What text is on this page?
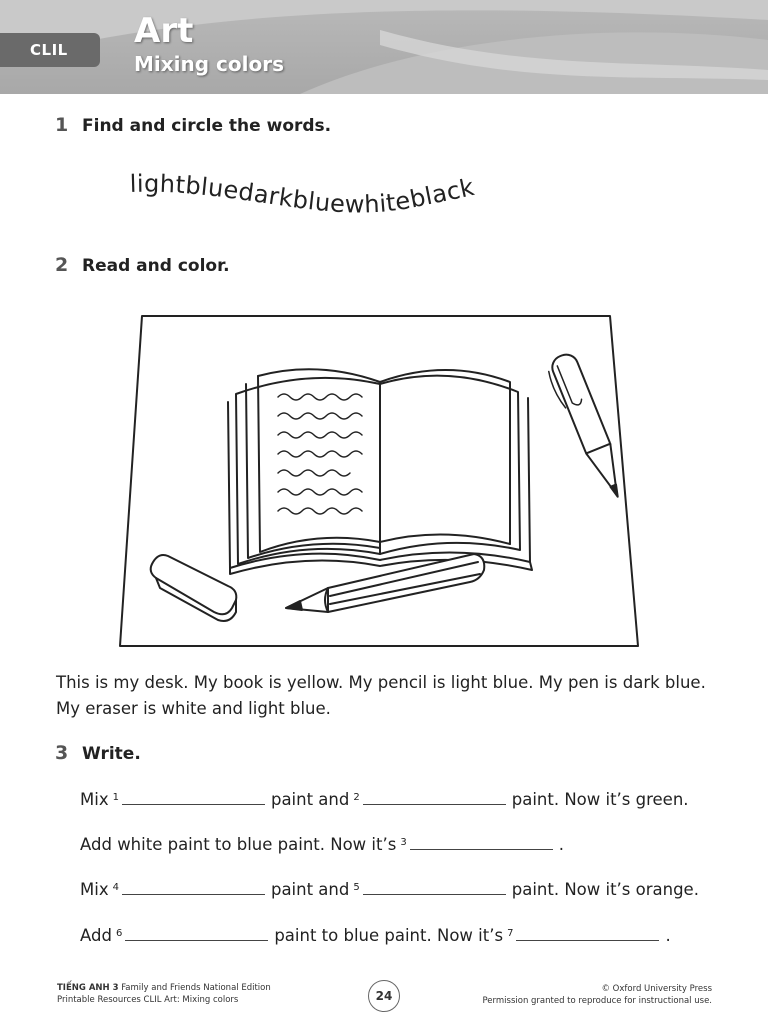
CLIL	Art
Mixing colors
1 Find and circle the words.
lightbluedarkbluewhiteblack
2 Read and color.
This is my desk. My book is yellow. My pencil is light blue. My pen is dark blue. My eraser is white and light blue.
3 Write.
Mix 1	paint and 2	paint. Now it’s green.
Add white paint to blue paint. Now it’s 3	.
Mix 4	paint and 5	paint. Now it’s orange.
Add 6	paint to blue paint. Now it’s 7	.
TIẾNG ANH 3 Family and Friends National Edition
Printable Resources CLIL Art: Mixing colors	24	© Oxford University Press
Permission granted to reproduce for instructional use.
